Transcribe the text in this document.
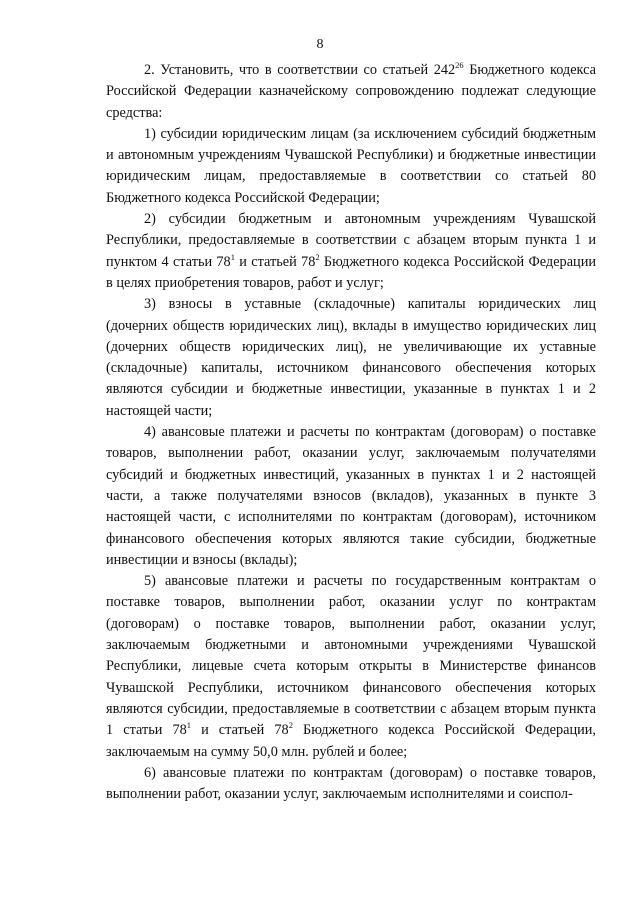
8

2. Установить, что в соответствии со статьей $242^{26}$ Бюджетного кодекса Российской Федерации казначейскому сопровождению подлежат следующие средства:

1) субсидии юридическим лицам (за исключением субсидий бюджетным и автономным учреждениям Чувашской Республики) и бюджетные инвестиции юридическим лицам, предоставляемые в соответствии со статьей 80 Бюджетного кодекса Российской Федерации;

2) субсидии бюджетным и автономным учреждениям Чувашской Республики, предоставляемые в соответствии с абзацем вторым пункта 1 и пунктом 4 статьи $78^1$ и статьей $78^2$ Бюджетного кодекса Российской Федерации в целях приобретения товаров, работ и услуг;

3) взносы в уставные (складочные) капиталы юридических лиц (дочерних обществ юридических лиц), вклады в имущество юридических лиц (дочерних обществ юридических лиц), не увеличивающие их уставные (складочные) капиталы, источником финансового обеспечения которых являются субсидии и бюджетные инвестиции, указанные в пунктах 1 и 2 настоящей части;

4) авансовые платежи и расчеты по контрактам (договорам) о поставке товаров, выполнении работ, оказании услуг, заключаемым получателями субсидий и бюджетных инвестиций, указанных в пунктах 1 и 2 настоящей части, а также получателями взносов (вкладов), указанных в пункте 3 настоящей части, с исполнителями по контрактам (договорам), источником финансового обеспечения которых являются такие субсидии, бюджетные инвестиции и взносы (вклады);

5) авансовые платежи и расчеты по государственным контрактам о поставке товаров, выполнении работ, оказании услуг по контрактам (договорам) о поставке товаров, выполнении работ, оказании услуг, заключаемым бюджетными и автономными учреждениями Чувашской Республики, лицевые счета которым открыты в Министерстве финансов Чувашской Республики, источником финансового обеспечения которых являются субсидии, предоставляемые в соответствии с абзацем вторым пункта 1 статьи $78^1$ и статьей $78^2$ Бюджетного кодекса Российской Федерации, заключаемым на сумму 50,0 млн. рублей и более;

6) авансовые платежи по контрактам (договорам) о поставке товаров, выполнении работ, оказании услуг, заключаемым исполнителями и соиспол-
